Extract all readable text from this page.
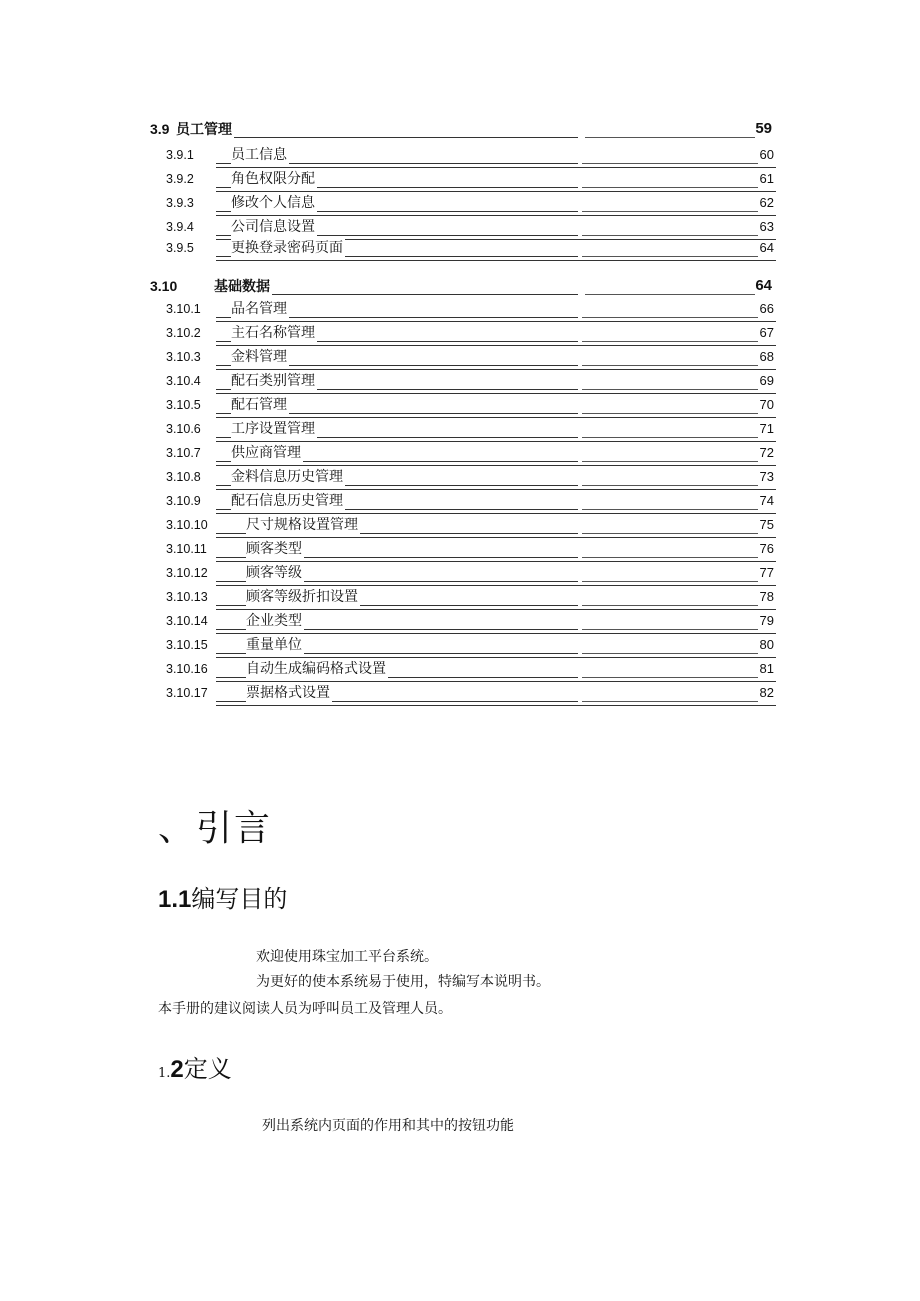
3.9 员工管理	59
3.9.1	员工信息	60
3.9.2	角色权限分配	61
3.9.3	修改个人信息	62
3.9.4	公司信息设置	63
3.9.5	更换登录密码页面	64
3.10	基础数据	64
3.10.1 品名管理	66
3.10.2 主石名称管理	67
3.10.3 金料管理	68
3.10.4 配石类别管理	69
3.10.5 配石管理	70
3.10.6 工序设置管理	71
3.10.7 供应商管理	72
3.10.8 金料信息历史管理	73
3.10.9 配石信息历史管理	74
3.10.10	尺寸规格设置管理	75
3.10.11	顾客类型	76
3.10.12	顾客等级	77
3.10.13	顾客等级折扣设置	78
3.10.14	企业类型	79
3.10.15	重量单位	80
3.10.16	自动生成编码格式设置	81
3.10.17	票据格式设置	82
、引言
1.1编写目的
欢迎使用珠宝加工平台系统。
为更好的使本系统易于使用，特编写本说明书。
本手册的建议阅读人员为呼叫员工及管理人员。
1.2定义
列出系统内页面的作用和其中的按钮功能
